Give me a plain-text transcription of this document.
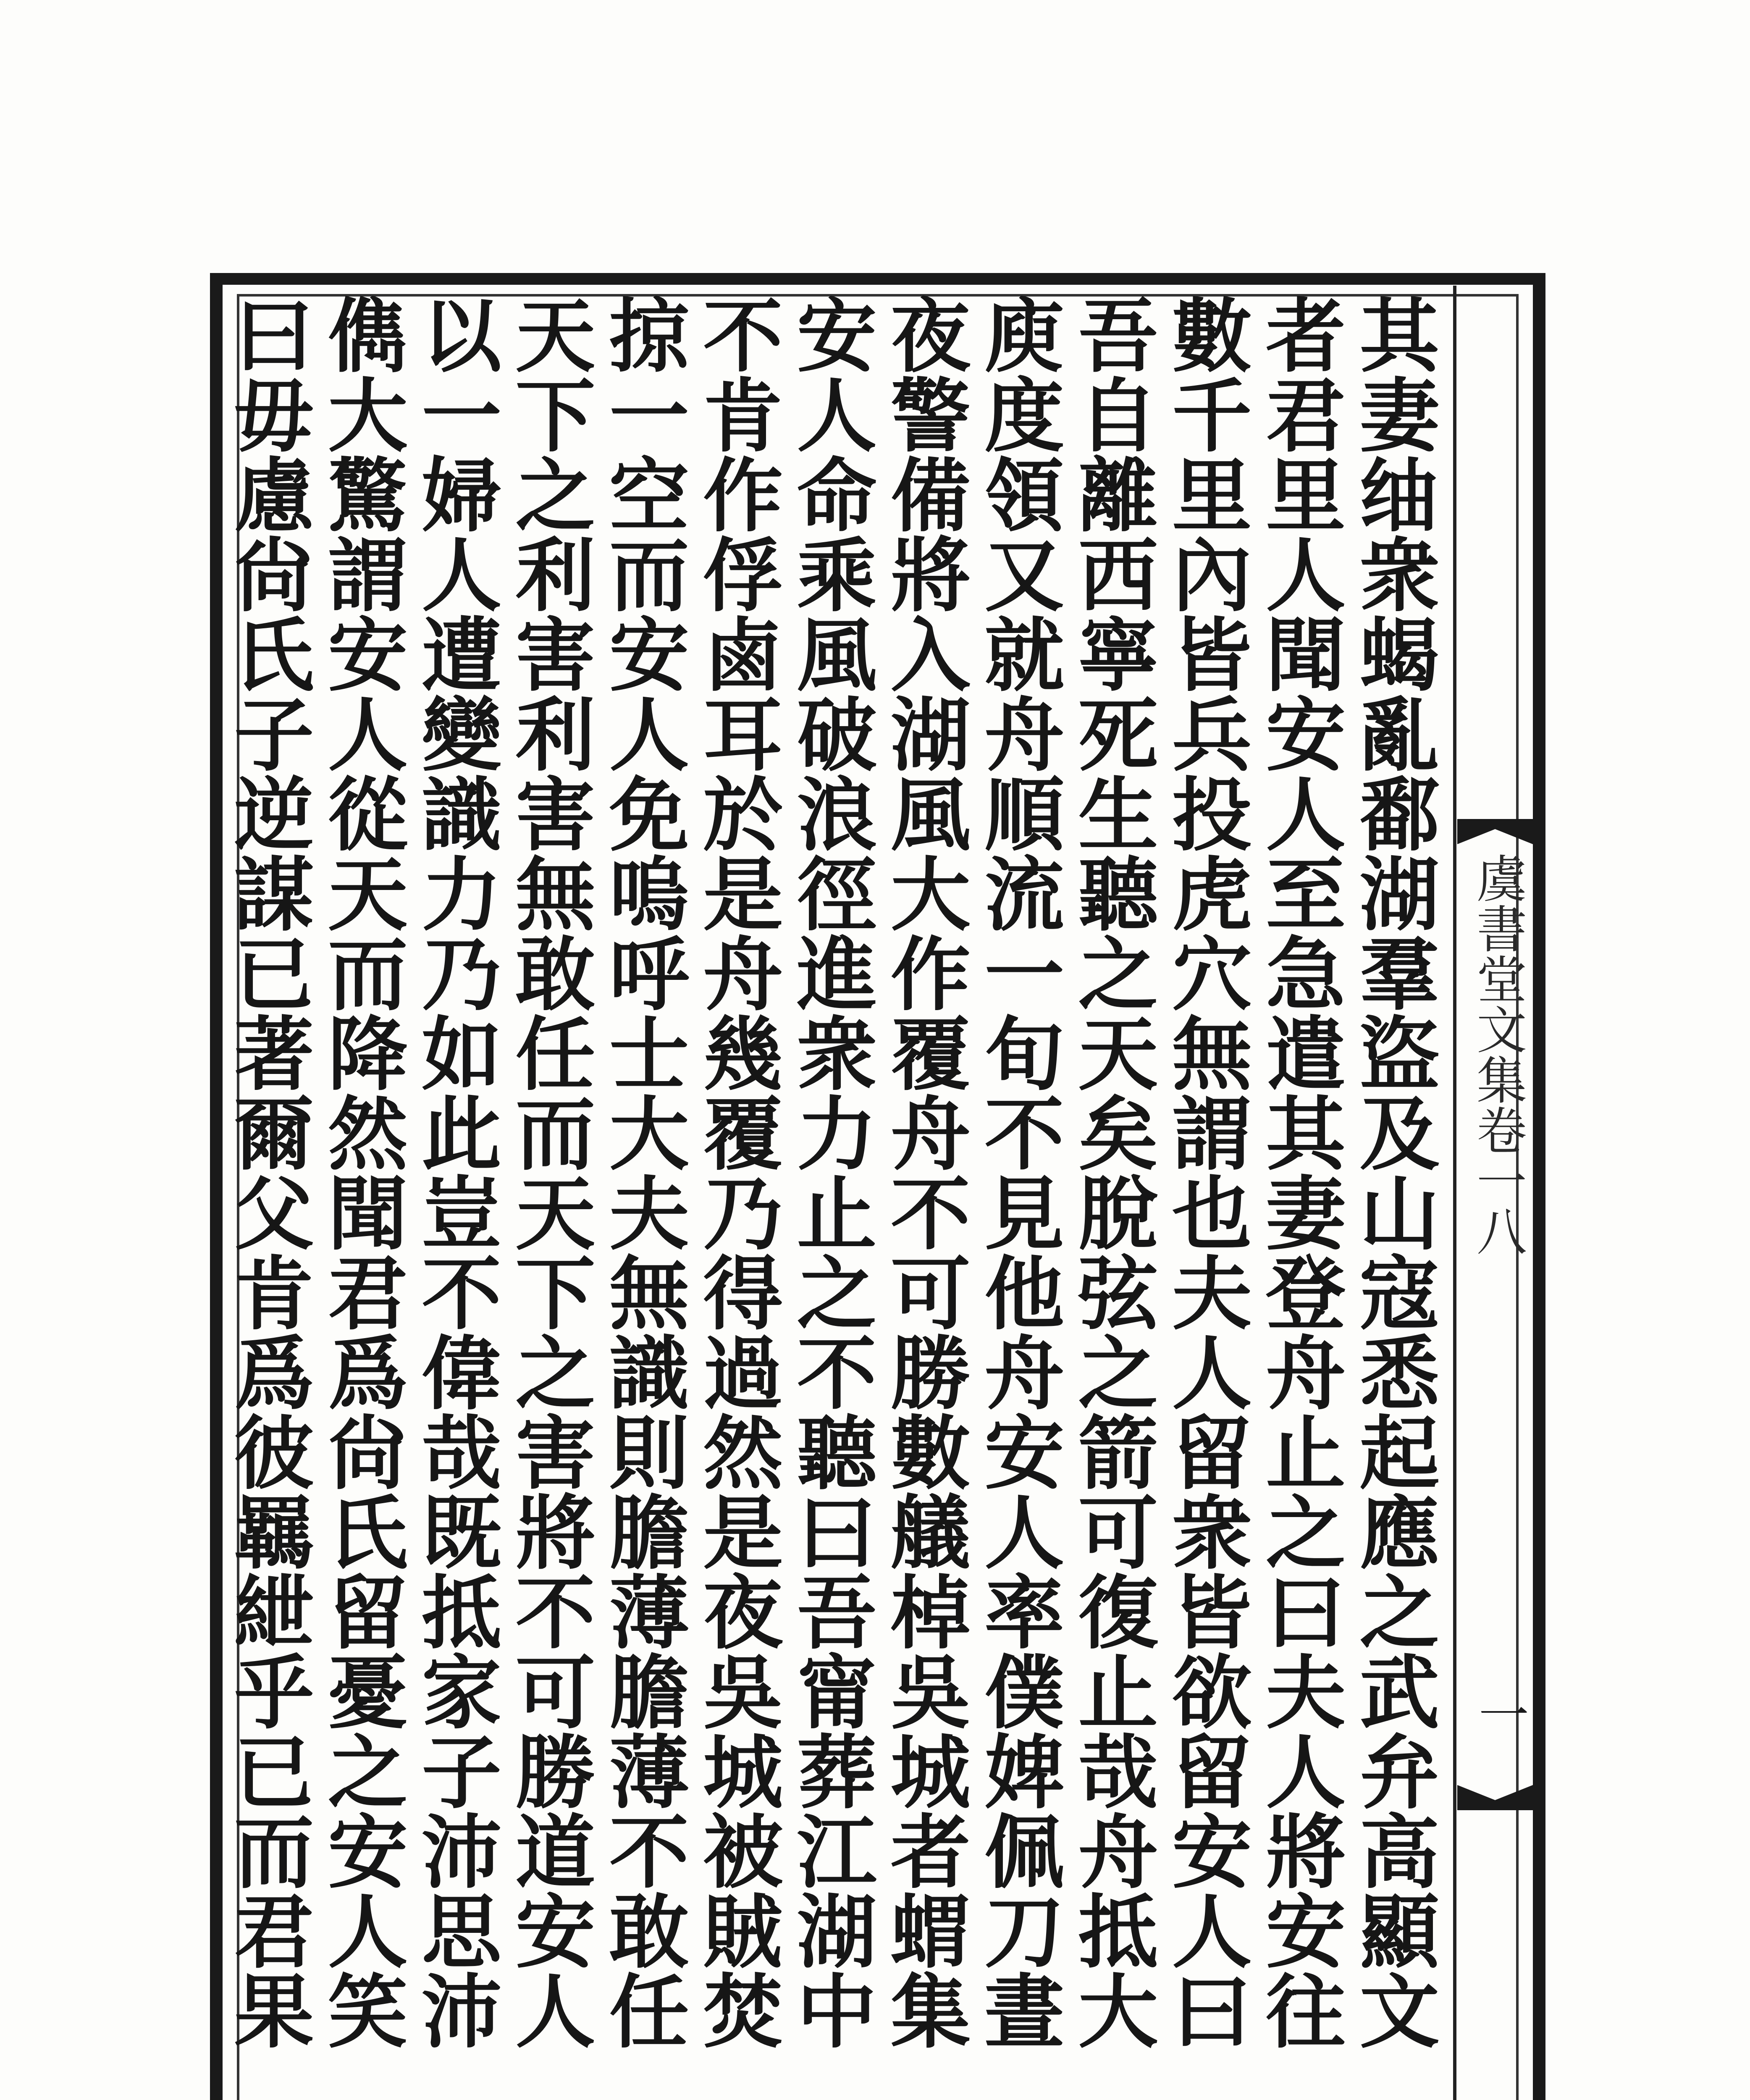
虞書堂文集卷一八
一
其妻䌷衆蝎亂鄱湖羣盜及山寇悉起應之武弁高顯文
者君里人聞安人至急遣其妻登舟止之曰夫人將安往
數千里內皆兵投虎穴無謂也夫人留衆皆欲留安人曰
吾自離西寧死生聽之天矣脫弦之箭可復止哉舟抵大
庾度領又就舟順流一旬不見他舟安人率僕婢佩刀晝
夜警備將入湖風大作覆舟不可勝數艤棹吳城者蝟集
安人命乘風破浪徑進衆力止之不聽曰吾甯葬江湖中
不肯作俘鹵耳於是舟幾覆乃得過然是夜吳城被賊焚
掠一空而安人免嗚呼士大夫無識則膽薄膽薄不敢任
天下之利害利害無敢任而天下之害將不可勝道安人
以一婦人遭變識力乃如此豈不偉哉既抵家子沛思沛
儁大驚謂安人從天而降然聞君爲尙氏留憂之安人笑
曰毋慮尙氏子逆謀已著爾父肯爲彼羈紲乎已而君果
